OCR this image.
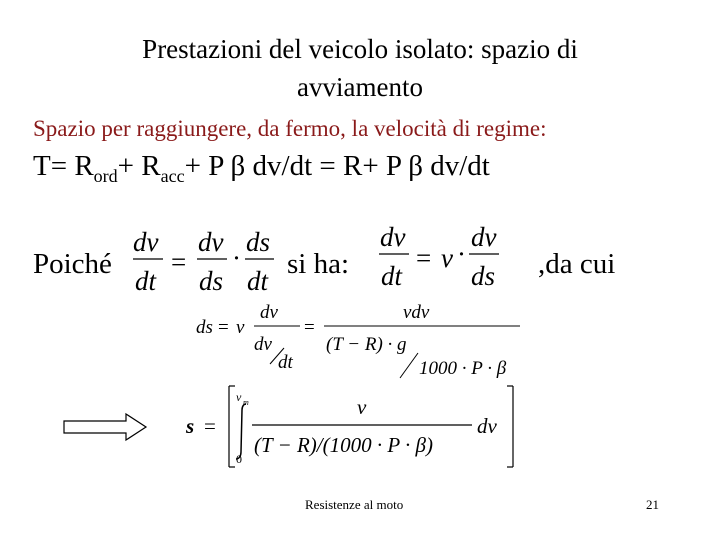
Prestazioni del veicolo isolato: spazio di
avviamento
Spazio per raggiungere, da fermo, la velocità di regime:
$T= R_{ord}+ R_{acc}+ P$ β dv/dt = R+ P β dv/dt
Poiché	si ha:	,da cui
dv
dt
=
dv
ds
·
ds
dt
dv
dt
= v ·
dv
ds
ds = v
dv
dv
dt
=
vdv
(T − R) · g
1000 · P · β
s =
v m
0
v
(T − R)/(1000 · P · β)
dv
Resistenze al moto	21
